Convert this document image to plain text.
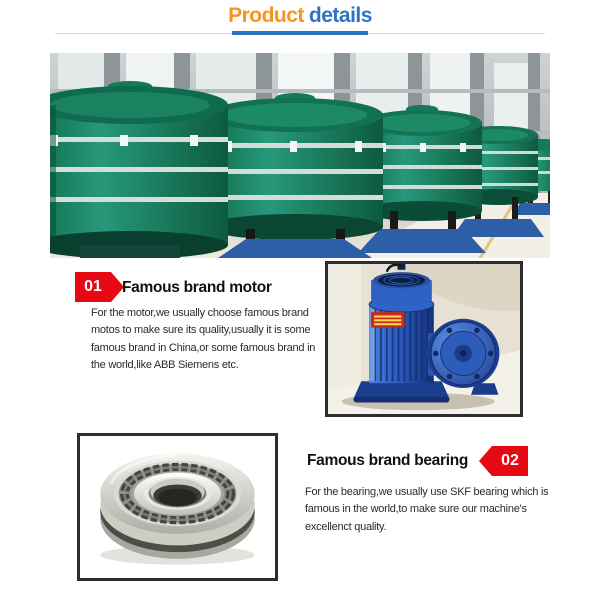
Product details
01	Famous brand motor
For the motor,we usually choose famous brand
motos to make sure its quality,usually it is some
famous brand in China,or some famous brand in
the world,like ABB Siemens etc.
Famous brand bearing	02
For the bearing,we usually use SKF bearing which is
famous in the world,to make sure our machine's
excellenct quality.
